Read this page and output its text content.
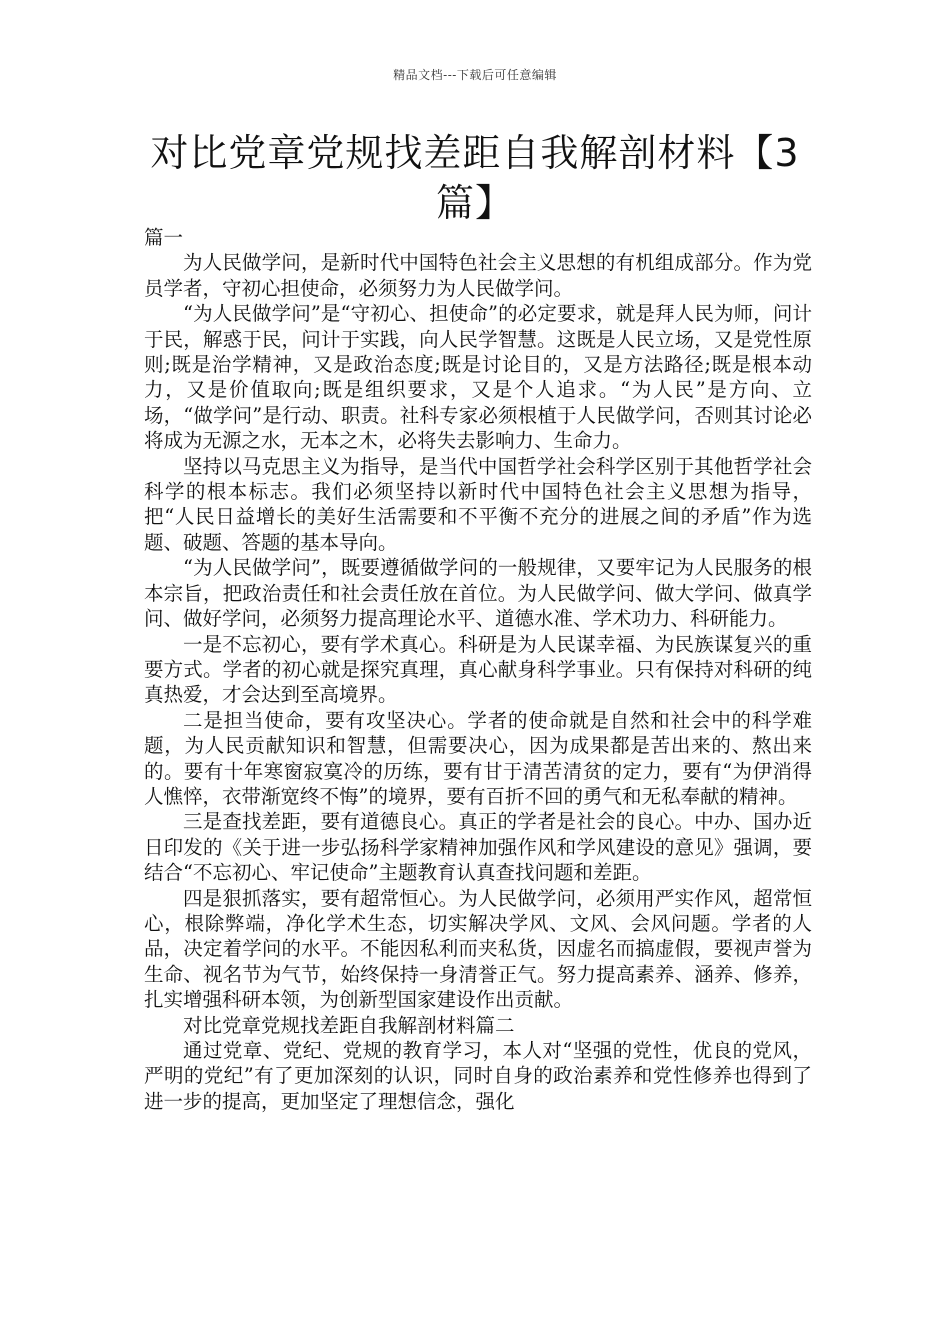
精品文档---下载后可任意编辑
对比党章党规找差距自我解剖材料【3篇】

篇一

为人民做学问，是新时代中国特色社会主义思想的有机组成部分。作为党员学者，守初心担使命，必须努力为人民做学问。

“为人民做学问”是“守初心、担使命”的必定要求，就是拜人民为师，问计于民，解惑于民，问计于实践，向人民学智慧。这既是人民立场，又是党性原则;既是治学精神，又是政治态度;既是讨论目的，又是方法路径;既是根本动力，又是价值取向;既是组织要求，又是个人追求。“为人民”是方向、立场，“做学问”是行动、职责。社科专家必须根植于人民做学问，否则其讨论必将成为无源之水，无本之木，必将失去影响力、生命力。

坚持以马克思主义为指导，是当代中国哲学社会科学区别于其他哲学社会科学的根本标志。我们必须坚持以新时代中国特色社会主义思想为指导，把“人民日益增长的美好生活需要和不平衡不充分的进展之间的矛盾”作为选题、破题、答题的基本导向。

“为人民做学问”，既要遵循做学问的一般规律，又要牢记为人民服务的根本宗旨，把政治责任和社会责任放在首位。为人民做学问、做大学问、做真学问、做好学问，必须努力提高理论水平、道德水准、学术功力、科研能力。

一是不忘初心，要有学术真心。科研是为人民谋幸福、为民族谋复兴的重要方式。学者的初心就是探究真理，真心献身科学事业。只有保持对科研的纯真热爱，才会达到至高境界。

二是担当使命，要有攻坚决心。学者的使命就是自然和社会中的科学难题，为人民贡献知识和智慧，但需要决心，因为成果都是苦出来的、熬出来的。要有十年寒窗寂寞冷的历练，要有甘于清苦清贫的定力，要有“为伊消得人憔悴，衣带渐宽终不悔”的境界，要有百折不回的勇气和无私奉献的精神。

三是查找差距，要有道德良心。真正的学者是社会的良心。中办、国办近日印发的《关于进一步弘扬科学家精神加强作风和学风建设的意见》强调，要结合“不忘初心、牢记使命”主题教育认真查找问题和差距。

四是狠抓落实，要有超常恒心。为人民做学问，必须用严实作风，超常恒心，根除弊端，净化学术生态，切实解决学风、文风、会风问题。学者的人品，决定着学问的水平。不能因私利而夹私货，因虚名而搞虚假，要视声誉为生命、视名节为气节，始终保持一身清誉正气。努力提高素养、涵养、修养，扎实增强科研本领，为创新型国家建设作出贡献。

对比党章党规找差距自我解剖材料篇二

通过党章、党纪、党规的教育学习，本人对“坚强的党性，优良的党风，严明的党纪”有了更加深刻的认识，同时自身的政治素养和党性修养也得到了进一步的提高，更加坚定了理想信念，强化
